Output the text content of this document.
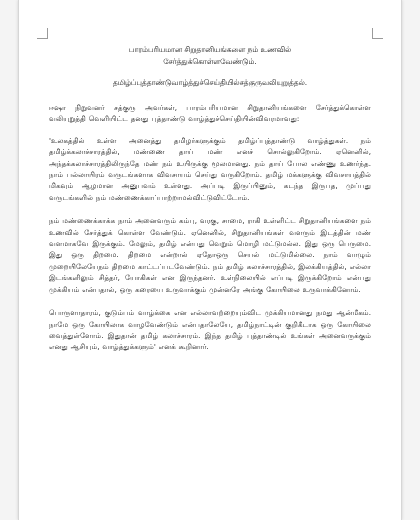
பாரம்பரியமான சிறுதானியங்களை நம் உணவில்
சேர்த்துக்கொள்ளவேண்டும்.
தமிழ்ப்புத்தாண்டுவாழ்த்துச்செய்தியில்சத்குருவலியுறுத்தல்.

ஈஷா நிறுவனர் சத்குரு அவர்கள், பாரம்பரியமான சிறுதானியங்களை சேர்த்துக்கொள்ள வலியுறுத்தி வெளியிட்ட தனது புத்தாண்டு வாழ்த்துச்செய்தியின்விவரமாவது:

'உலகத்தில் உள்ள அனைத்து தமிழர்களுக்கும் தமிழ்ப்புத்தாண்டு வாழ்த்துகள். நம் தமிழ்க்கலாச்சாரத்தில், மண்ணை தாய் மண் எனச் சொல்லுகிறோம். ஏனெனில், அந்தக்கலாச்சாரத்திலிருந்தே மண் நம் உயிருக்கு மூலமானது. நம் தாய் போல எண்ணு உணர்ந்த. நாம் பல்லாயிரம் வருடங்களாக விவசாயம் செய்து வருகிறோம். தமிழ் மக்களுக்கு விவசாயத்தில் மிகவும் ஆழமான அனுபவம் உள்ளது. அப்படி இருப்பினும், கடந்த இருபத, முப்பது வருடங்களில் நம் மண்ணைக்காப்பாற்றாமல்விட்டுவிட்டோம்.

நம் மண்ணைக்காக்க நாம் அனைவரும் கம்பு, வரகு, சாமை, ராகி உள்ளிட்ட சிறுதானியங்களை நம் உணவில் சேர்த்துக் கொள்ள வேண்டும். ஏனெனில், சிறுதானியங்கள் வளரும் இடத்தின் மண் வளமாகவே இருக்கும். மேலும், தமிழ் என்பது வெறும் மொழி மட்டுமல்ல. இது ஒரு பெருமை. இது ஒரு திறமை. திறமை என்றால் ஏதோஒரு செயல் மட்டுமில்லை. நாம் வாழும் முறையிலேயேநம் திறமை காட்டப்படவேண்டும். நம் தமிழ் கலாச்சாரத்தில், இலக்கியத்தில், எல்லா இடங்களிலும் சித்தர், யோகிகள் என இருந்தனர். உள்நிலையில் எப்படி இருக்கிறோம் என்பது முக்கியம் என்பதால், ஒரு கரையை உருவாக்கும் முன்னரே அங்கு கோயிலை உருவாக்கினோம்.

பொருளாதாரம், குடும்பம் வாழ்க்கை என எல்லாவற்றையும்விட முக்கியமானது நமது ஆன்மீகம். நாமே ஒரு கோயிலாக வாழவேண்டும் என்பதாலேயே, தமிழ்நாட்டின் குறிகீடாக ஒரு கோயிலை வைத்துள்ளோம். இதுதான் தமிழ் கலாச்சாரம். இந்த தமிழ் புத்தாண்டில் உங்கள் அனைவருக்கும் எனது ஆசியும், வாழ்த்துக்களும்' எனக் கூறினார்.
